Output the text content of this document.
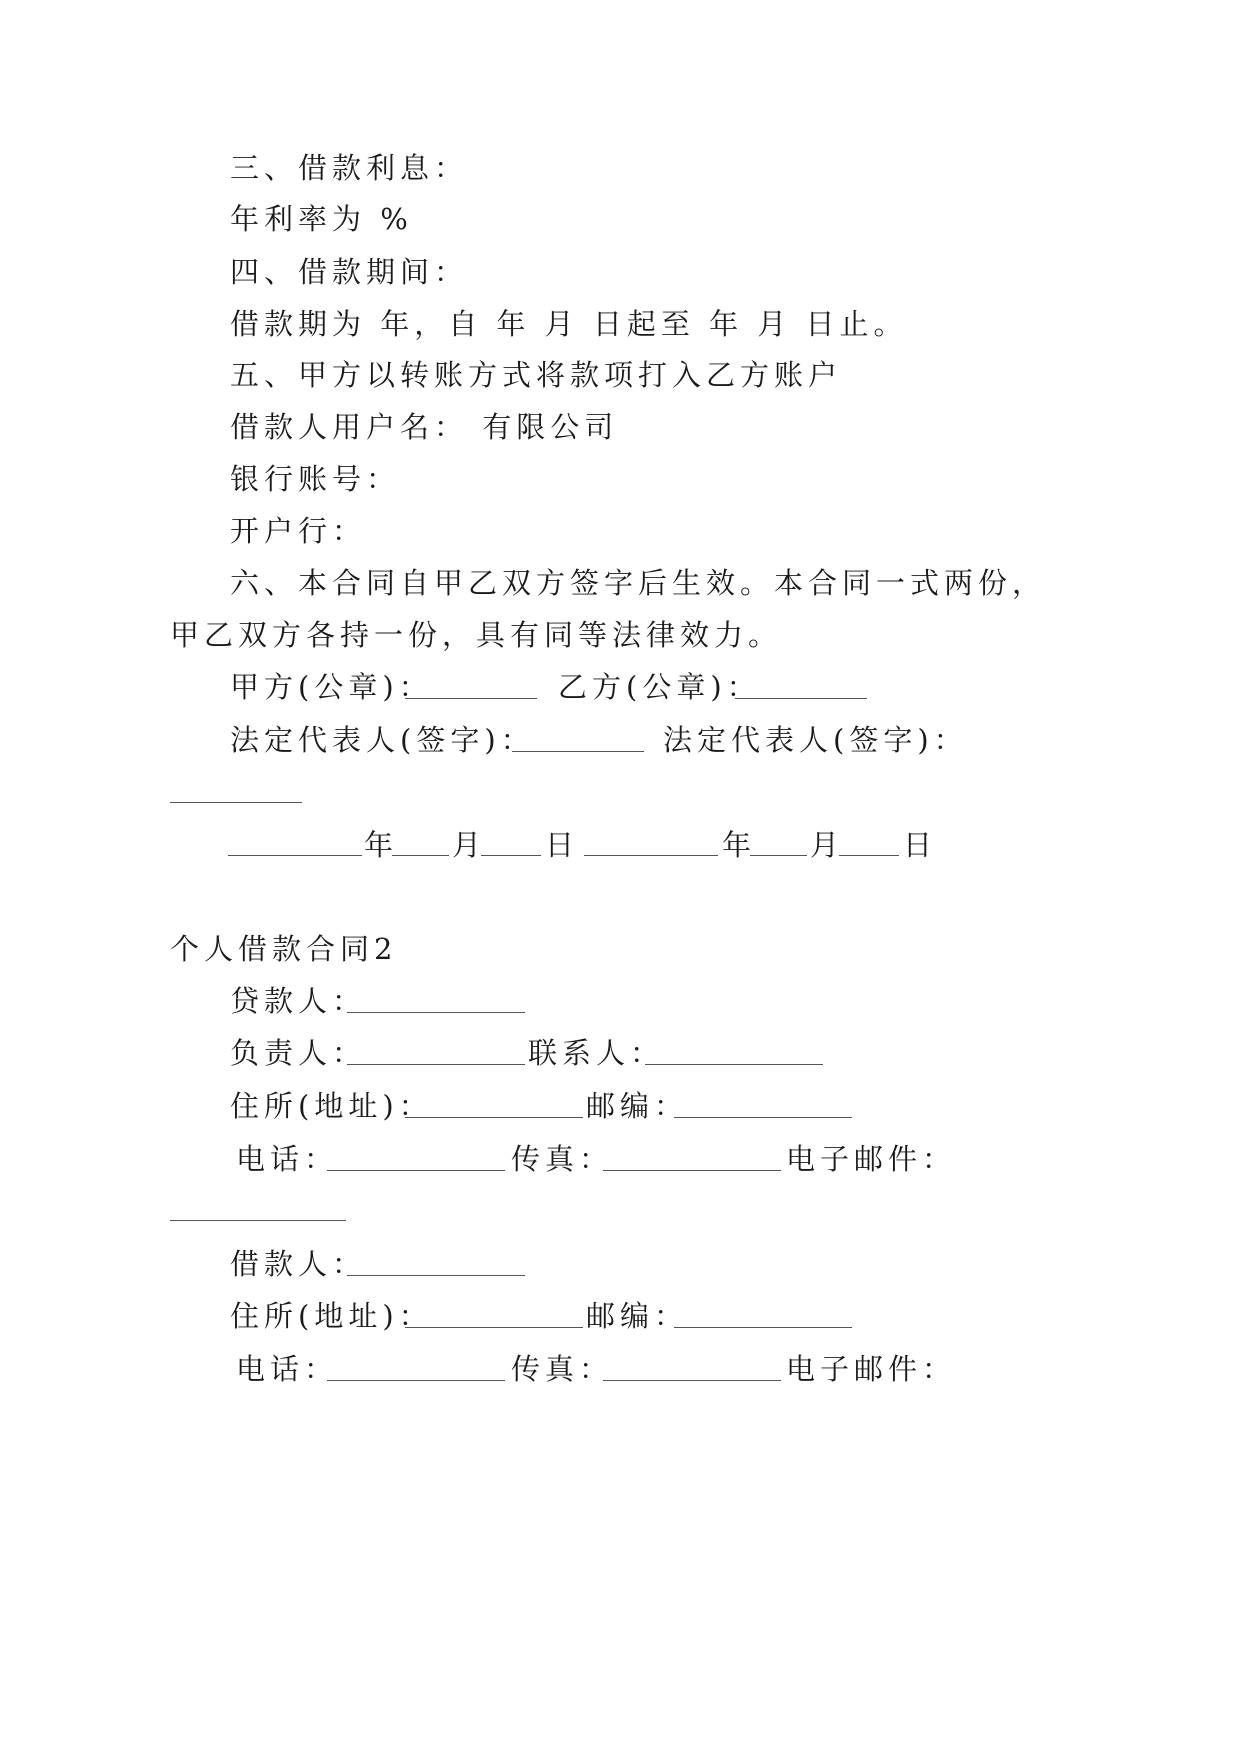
三、借款利息：
年利率为 %
四、借款期间：
借款期为 年，自 年 月 日起至 年 月 日止。
五、甲方以转账方式将款项打入乙方账户
借款人用户名： 有限公司
银行账号：
开户行：
六、本合同自甲乙双方签字后生效。本合同一式两份，
甲乙双方各持一份，具有同等法律效力。
甲方(公章)：	乙方(公章)：
法定代表人(签字)：	法定代表人(签字)：
年 月 日	年 月 日
个人借款合同2
贷款人：
负责人：	联系人：
住所(地址)：	邮编：
电话：	传真：	电子邮件：
借款人：
住所(地址)：	邮编：
电话：	传真：	电子邮件：
